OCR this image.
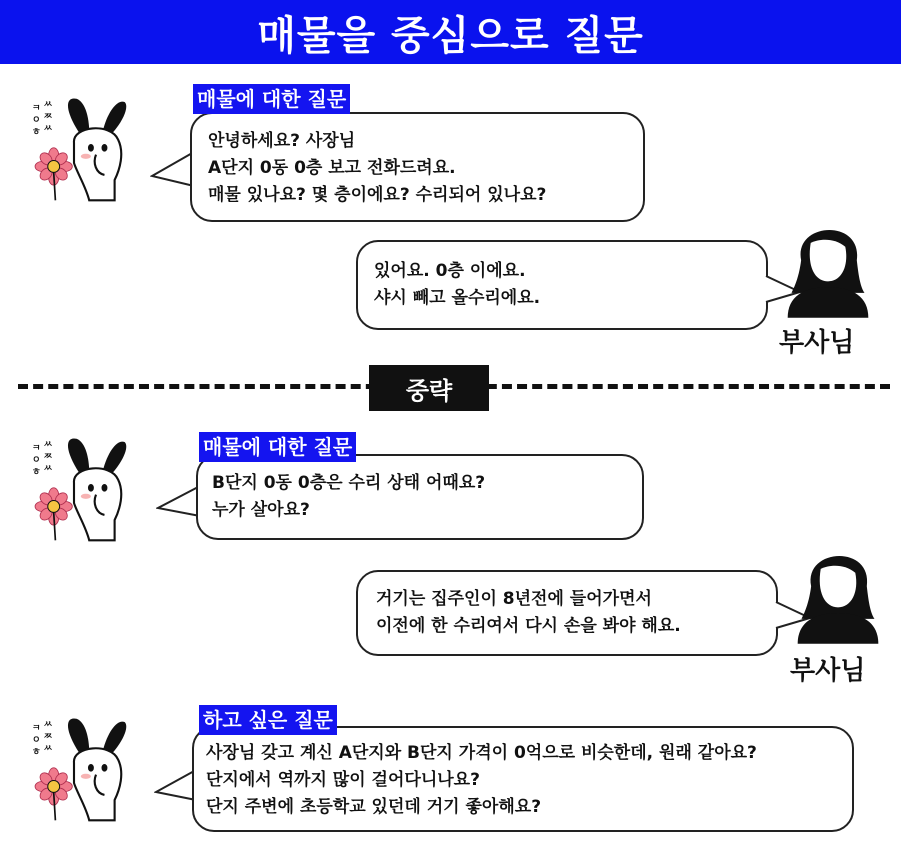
매물을 중심으로 질문
안녕하세요? 사장님
A단지 0동 0층 보고 전화드려요.
매물 있나요? 몇 층이에요? 수리되어 있나요?
매물에 대한 질문
있어요. 0층 이에요.
샤시 빼고 올수리에요.
부사님
중략
B단지 0동 0층은 수리 상태 어때요?
누가 살아요?
매물에 대한 질문
거기는 집주인이 8년전에 들어가면서
이전에 한 수리여서 다시 손을 봐야 해요.
부사님
사장님 갖고 계신 A단지와 B단지 가격이 0억으로 비슷한데, 원래 같아요?
단지에서 역까지 많이 걸어다니나요?
단지 주변에 초등학교 있던데 거기 좋아해요?
하고 싶은 질문
